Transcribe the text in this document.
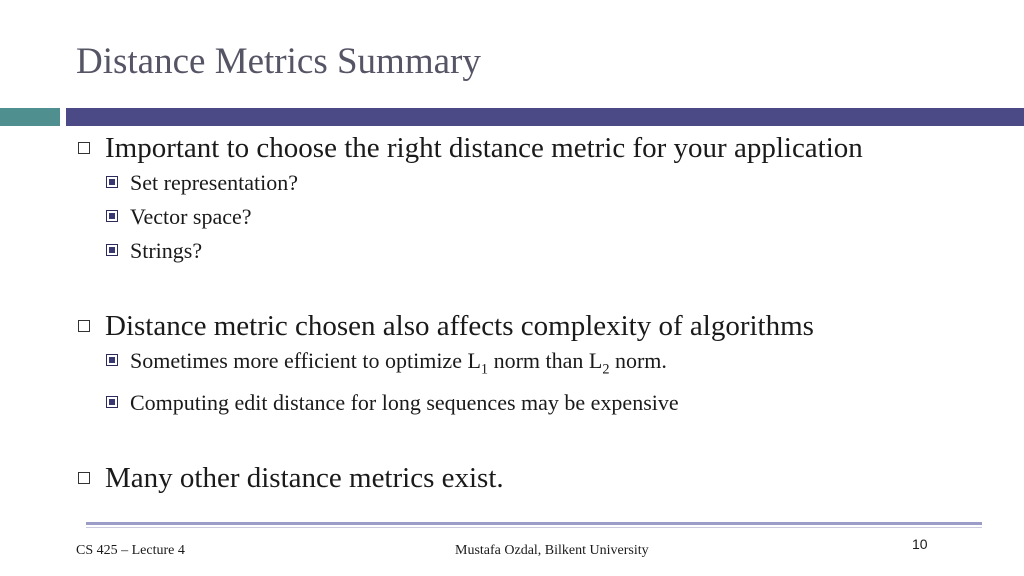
Distance Metrics Summary
Important to choose the right distance metric for your application
Set representation?
Vector space?
Strings?
Distance metric chosen also affects complexity of algorithms
Sometimes more efficient to optimize $L_1$ norm than $L_2$ norm.
Computing edit distance for long sequences may be expensive
Many other distance metrics exist.
CS 425 – Lecture 4	Mustafa Ozdal, Bilkent University	10
